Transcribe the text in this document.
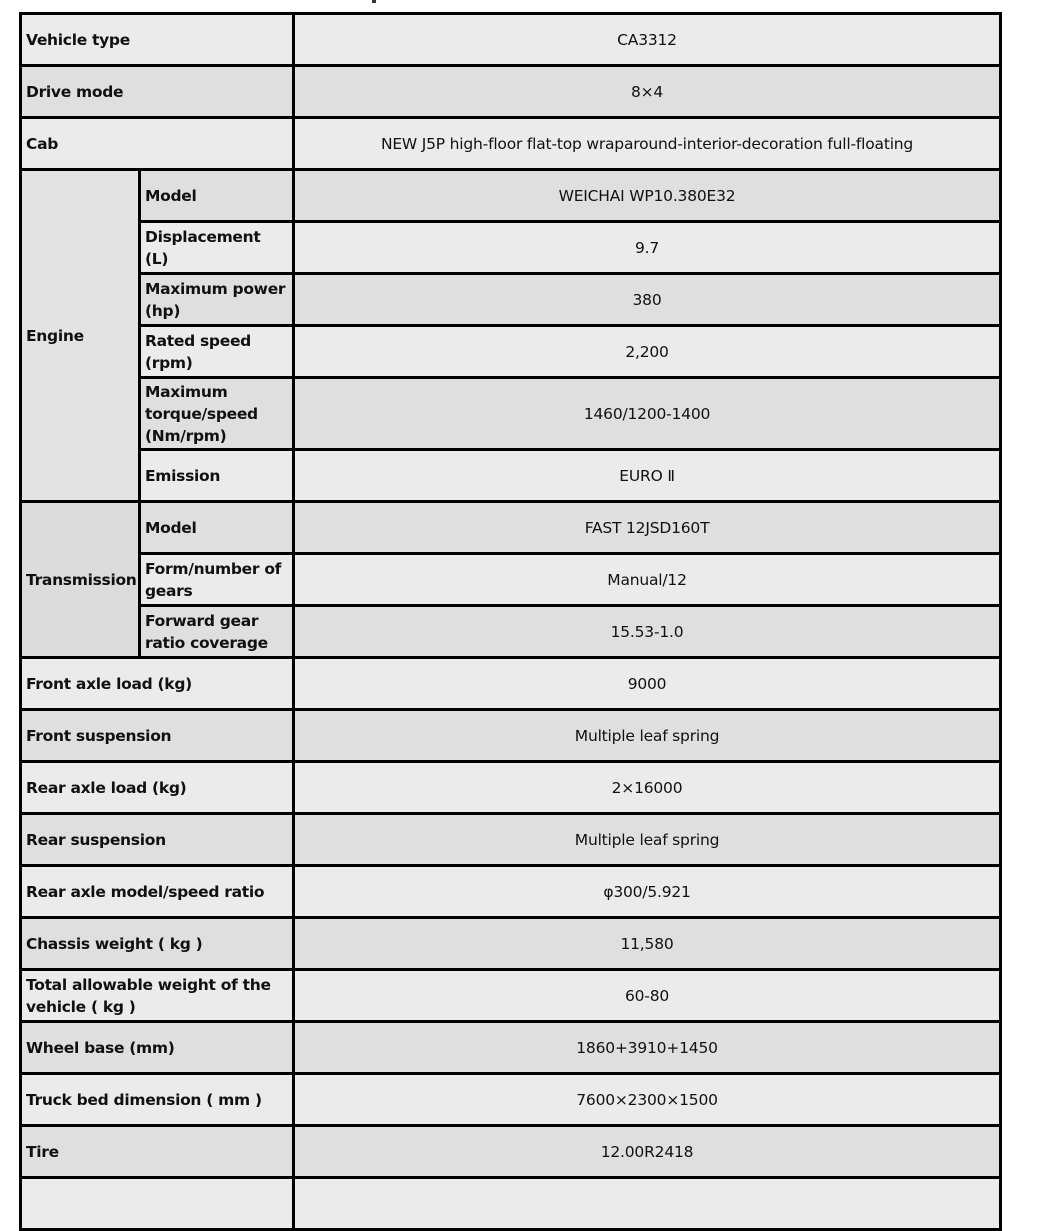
Vehicle type		CA3312
Drive mode		8×4
Cab		NEW J5P high-floor flat-top wraparound-interior-decoration full-floating
Engine	Model	WEICHAI WP10.380E32
	Displacement (L)	9.7
	Maximum power (hp)	380
	Rated speed (rpm)	2,200
	Maximum torque/speed (Nm/rpm)	1460/1200-1400
	Emission	EURO Ⅱ
Transmission	Model	FAST 12JSD160T
	Form/number of gears	Manual/12
	Forward gear ratio coverage	15.53-1.0
Front axle load (kg)		9000
Front suspension		Multiple leaf spring
Rear axle load (kg)		2×16000
Rear suspension		Multiple leaf spring
Rear axle model/speed ratio		φ300/5.921
Chassis weight ( kg )		11,580
Total allowable weight of the vehicle ( kg )		60-80
Wheel base (mm)		1860+3910+1450
Truck bed dimension ( mm )		7600×2300×1500
Tire		12.00R2418
